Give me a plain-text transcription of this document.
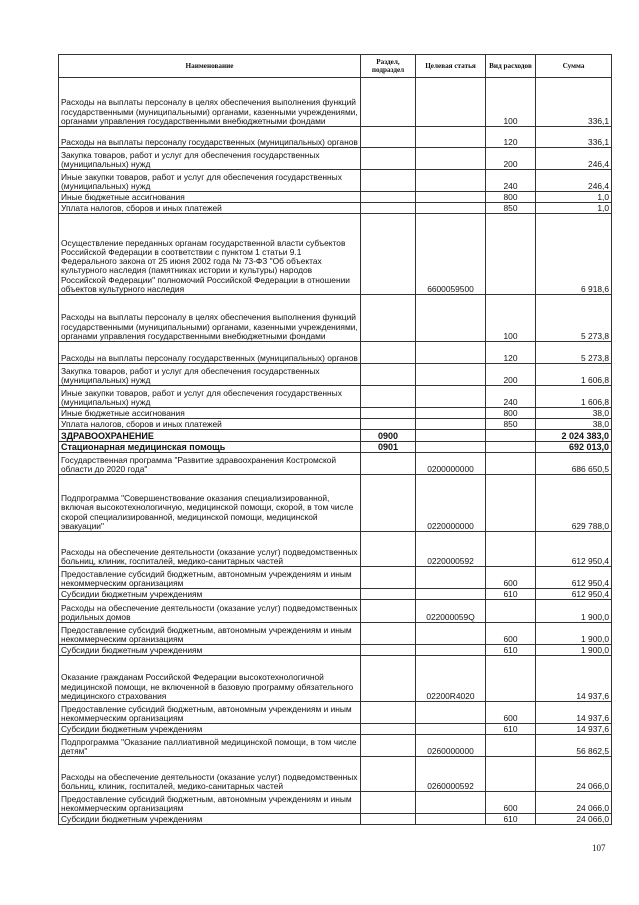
Наименование	Раздел, подраздел	Целевая статья	Вид расходов	Сумма
Расходы на выплаты персоналу в целях обеспечения выполнения функций государственными (муниципальными) органами, казенными учреждениями, органами управления государственными внебюджетными фондами			100	336,1
Расходы на выплаты персоналу государственных (муниципальных) органов			120	336,1
Закупка товаров, работ и услуг для обеспечения государственных (муниципальных) нужд			200	246,4
Иные закупки товаров, работ и услуг для обеспечения государственных (муниципальных) нужд			240	246,4
Иные бюджетные ассигнования			800	1,0
Уплата налогов, сборов и иных платежей			850	1,0
Осуществление переданных органам государственной власти субъектов Российской Федерации в соответствии с пунктом 1 статьи 9.1 Федерального закона от 25 июня 2002 года № 73-ФЗ "Об объектах культурного наследия (памятниках истории и культуры) народов Российской Федерации" полномочий Российской Федерации в отношении объектов культурного наследия		6600059500		6 918,6
Расходы на выплаты персоналу в целях обеспечения выполнения функций государственными (муниципальными) органами, казенными учреждениями, органами управления государственными внебюджетными фондами			100	5 273,8
Расходы на выплаты персоналу государственных (муниципальных) органов			120	5 273,8
Закупка товаров, работ и услуг для обеспечения государственных (муниципальных) нужд			200	1 606,8
Иные закупки товаров, работ и услуг для обеспечения государственных (муниципальных) нужд			240	1 606,8
Иные бюджетные ассигнования			800	38,0
Уплата налогов, сборов и иных платежей			850	38,0
ЗДРАВООХРАНЕНИЕ	0900			2 024 383,0
Стационарная медицинская помощь	0901			692 013,0
Государственная программа "Развитие здравоохранения Костромской области до 2020 года"		0200000000		686 650,5
Подпрограмма "Совершенствование оказания специализированной, включая высокотехнологичную, медицинской помощи, скорой, в том числе скорой специализированной, медицинской помощи, медицинской эвакуации"		0220000000		629 788,0
Расходы на обеспечение деятельности (оказание услуг) подведомственных больниц, клиник, госпиталей, медико-санитарных частей		0220000592		612 950,4
Предоставление субсидий бюджетным, автономным учреждениям и иным некоммерческим организациям			600	612 950,4
Субсидии бюджетным учреждениям			610	612 950,4
Расходы на обеспечение деятельности (оказание услуг) подведомственных родильных домов		022000059Q		1 900,0
Предоставление субсидий бюджетным, автономным учреждениям и иным некоммерческим организациям			600	1 900,0
Субсидии бюджетным учреждениям			610	1 900,0
Оказание гражданам Российской Федерации высокотехнологичной медицинской помощи, не включенной в базовую программу обязательного медицинского страхования		02200R4020		14 937,6
Предоставление субсидий бюджетным, автономным учреждениям и иным некоммерческим организациям			600	14 937,6
Субсидии бюджетным учреждениям			610	14 937,6
Подпрограмма "Оказание паллиативной медицинской помощи, в том числе детям"		0260000000		56 862,5
Расходы на обеспечение деятельности (оказание услуг) подведомственных больниц, клиник, госпиталей, медико-санитарных частей		0260000592		24 066,0
Предоставление субсидий бюджетным, автономным учреждениям и иным некоммерческим организациям			600	24 066,0
Субсидии бюджетным учреждениям			610	24 066,0
107
